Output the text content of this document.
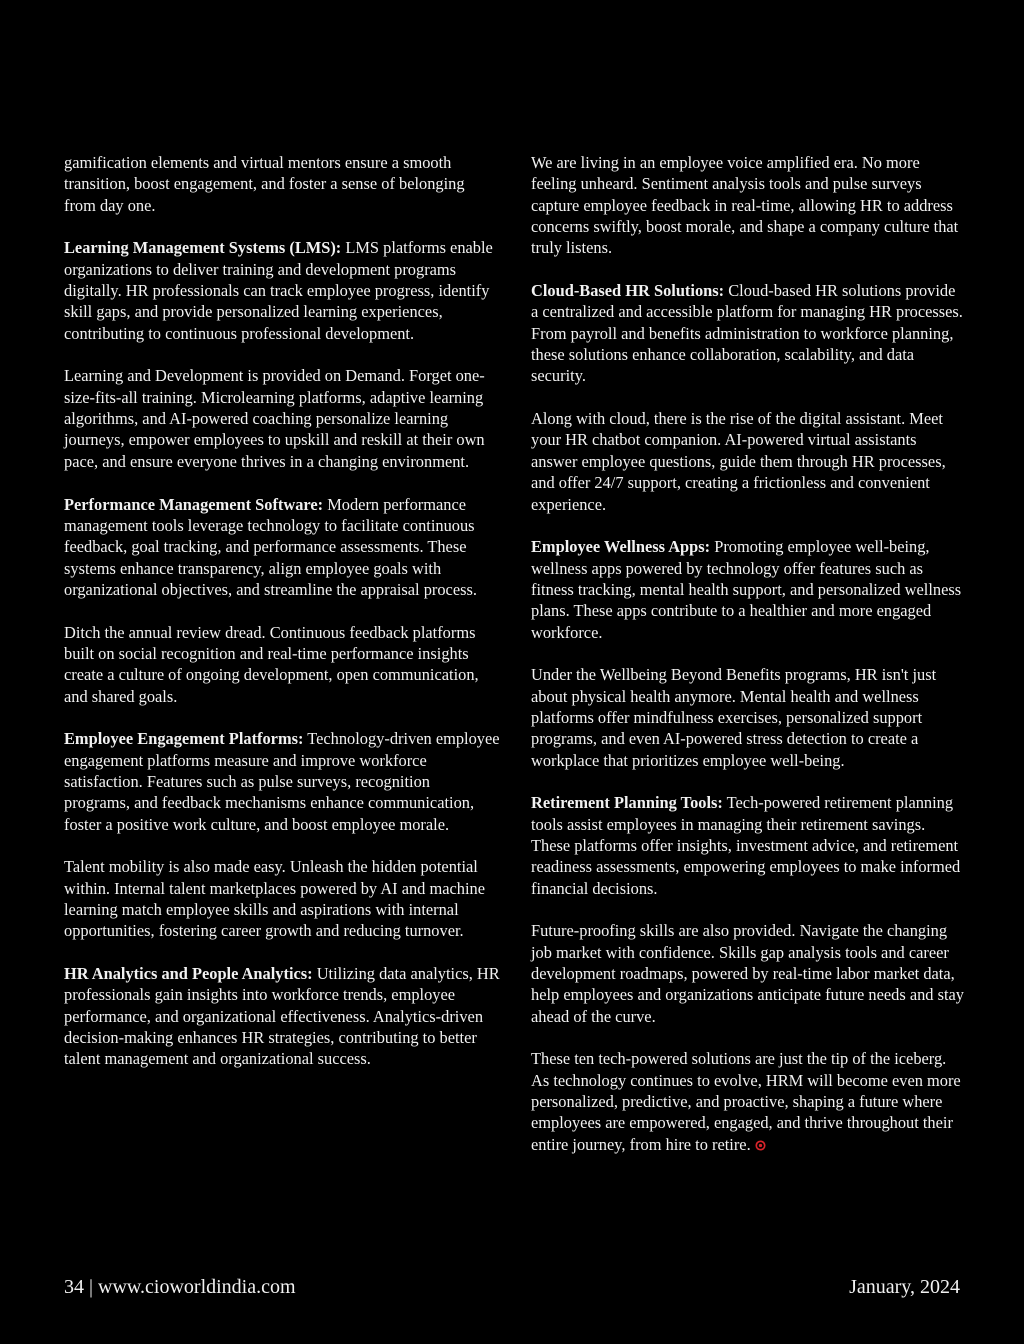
gamification elements and virtual mentors ensure a smooth transition, boost engagement, and foster a sense of belonging from day one.

Learning Management Systems (LMS): LMS platforms enable organizations to deliver training and development programs digitally. HR professionals can track employee progress, identify skill gaps, and provide personalized learning experiences, contributing to continuous professional development.

Learning and Development is provided on Demand. Forget one-size-fits-all training. Microlearning platforms, adaptive learning algorithms, and AI-powered coaching personalize learning journeys, empower employees to upskill and reskill at their own pace, and ensure everyone thrives in a changing environment.

Performance Management Software: Modern performance management tools leverage technology to facilitate continuous feedback, goal tracking, and performance assessments. These systems enhance transparency, align employee goals with organizational objectives, and streamline the appraisal process.

Ditch the annual review dread. Continuous feedback platforms built on social recognition and real-time performance insights create a culture of ongoing development, open communication, and shared goals.

Employee Engagement Platforms: Technology-driven employee engagement platforms measure and improve workforce satisfaction. Features such as pulse surveys, recognition programs, and feedback mechanisms enhance communication, foster a positive work culture, and boost employee morale.

Talent mobility is also made easy. Unleash the hidden potential within. Internal talent marketplaces powered by AI and machine learning match employee skills and aspirations with internal opportunities, fostering career growth and reducing turnover.

HR Analytics and People Analytics: Utilizing data analytics, HR professionals gain insights into workforce trends, employee performance, and organizational effectiveness. Analytics-driven decision-making enhances HR strategies, contributing to better talent management and organizational success.

We are living in an employee voice amplified era. No more feeling unheard. Sentiment analysis tools and pulse surveys capture employee feedback in real-time, allowing HR to address concerns swiftly, boost morale, and shape a company culture that truly listens.

Cloud-Based HR Solutions: Cloud-based HR solutions provide a centralized and accessible platform for managing HR processes. From payroll and benefits administration to workforce planning, these solutions enhance collaboration, scalability, and data security.

Along with cloud, there is the rise of the digital assistant. Meet your HR chatbot companion. AI-powered virtual assistants answer employee questions, guide them through HR processes, and offer 24/7 support, creating a frictionless and convenient experience.

Employee Wellness Apps: Promoting employee well-being, wellness apps powered by technology offer features such as fitness tracking, mental health support, and personalized wellness plans. These apps contribute to a healthier and more engaged workforce.

Under the Wellbeing Beyond Benefits programs, HR isn't just about physical health anymore. Mental health and wellness platforms offer mindfulness exercises, personalized support programs, and even AI-powered stress detection to create a workplace that prioritizes employee well-being.

Retirement Planning Tools: Tech-powered retirement planning tools assist employees in managing their retirement savings. These platforms offer insights, investment advice, and retirement readiness assessments, empowering employees to make informed financial decisions.

Future-proofing skills are also provided. Navigate the changing job market with confidence. Skills gap analysis tools and career development roadmaps, powered by real-time labor market data, help employees and organizations anticipate future needs and stay ahead of the curve.

These ten tech-powered solutions are just the tip of the iceberg. As technology continues to evolve, HRM will become even more personalized, predictive, and proactive, shaping a future where employees are empowered, engaged, and thrive throughout their entire journey, from hire to retire.

34 | www.cioworldindia.com	January, 2024
